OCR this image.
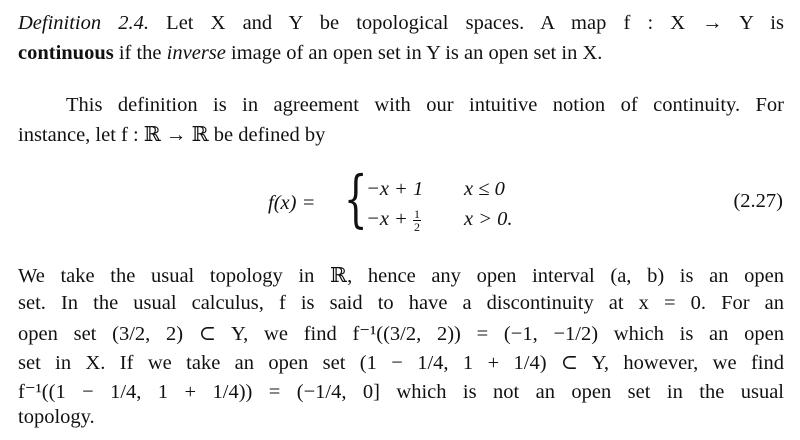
Definition 2.4. Let X and Y be topological spaces. A map f : X → Y is
continuous if the inverse image of an open set in Y is an open set in X.
This definition is in agreement with our intuitive notion of continuity. For
instance, let f : ℝ → ℝ be defined by
f(x) = {
−x + 1 x ≤ 0
$-x + \frac{1}{2}$ x > 0.
(2.27)
We take the usual topology in ℝ, hence any open interval (a, b) is an open
set. In the usual calculus, f is said to have a discontinuity at x = 0. For an
open set (3/2, 2) ⊂ Y, we find f⁻¹((3/2, 2)) = (−1, −1/2) which is an open
set in X. If we take an open set (1 − 1/4, 1 + 1/4) ⊂ Y, however, we find
f⁻¹((1 − 1/4, 1 + 1/4)) = (−1/4, 0] which is not an open set in the usual
topology.
